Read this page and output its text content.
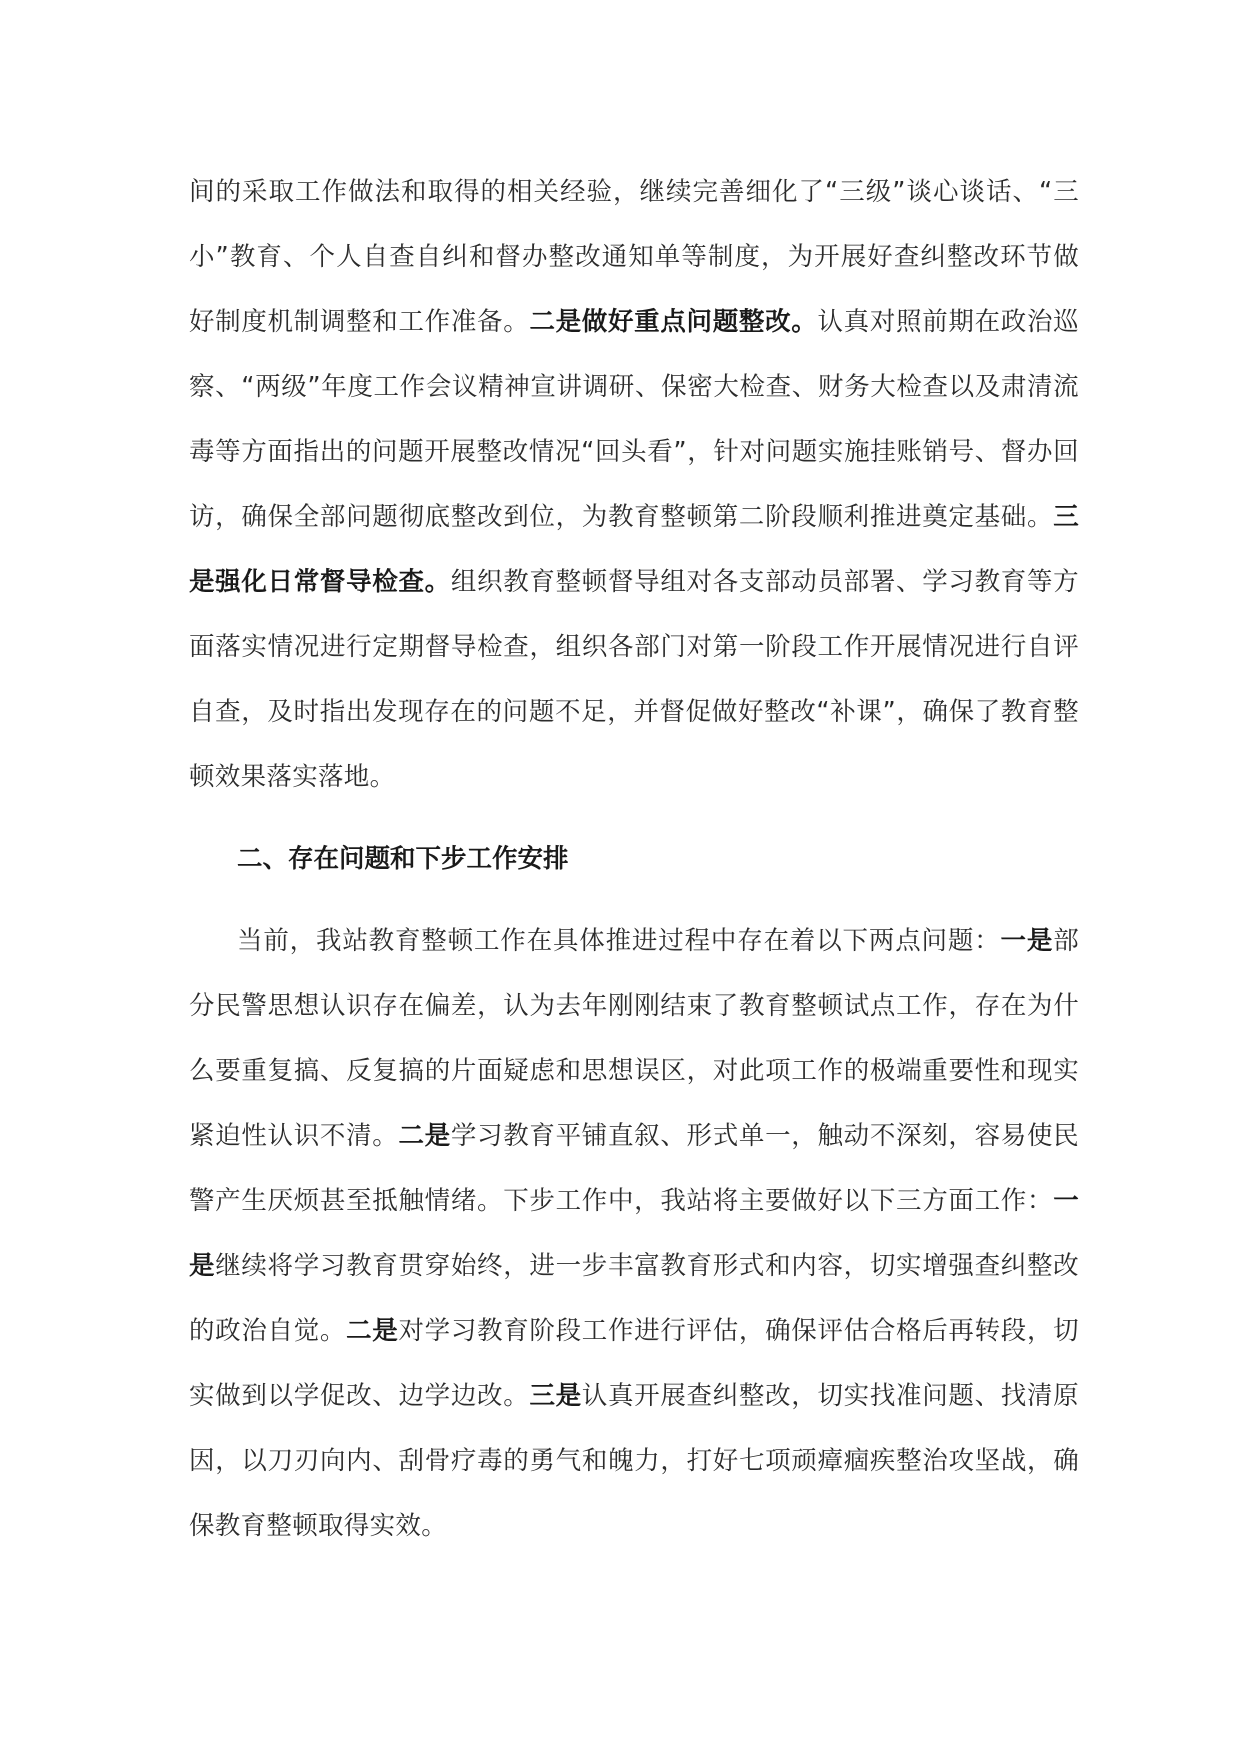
间的采取工作做法和取得的相关经验，继续完善细化了“三级”谈心谈话、“三小”教育、个人自查自纠和督办整改通知单等制度，为开展好查纠整改环节做好制度机制调整和工作准备。二是做好重点问题整改。认真对照前期在政治巡察、“两级”年度工作会议精神宣讲调研、保密大检查、财务大检查以及肃清流毒等方面指出的问题开展整改情况“回头看”，针对问题实施挂账销号、督办回访，确保全部问题彻底整改到位，为教育整顿第二阶段顺利推进奠定基础。三是强化日常督导检查。组织教育整顿督导组对各支部动员部署、学习教育等方面落实情况进行定期督导检查，组织各部门对第一阶段工作开展情况进行自评自查，及时指出发现存在的问题不足，并督促做好整改“补课”，确保了教育整顿效果落实落地。

二、存在问题和下步工作安排

当前，我站教育整顿工作在具体推进过程中存在着以下两点问题：一是部分民警思想认识存在偏差，认为去年刚刚结束了教育整顿试点工作，存在为什么要重复搞、反复搞的片面疑虑和思想误区，对此项工作的极端重要性和现实紧迫性认识不清。二是学习教育平铺直叙、形式单一，触动不深刻，容易使民警产生厌烦甚至抵触情绪。下步工作中，我站将主要做好以下三方面工作：一是继续将学习教育贯穿始终，进一步丰富教育形式和内容，切实增强查纠整改的政治自觉。二是对学习教育阶段工作进行评估，确保评估合格后再转段，切实做到以学促改、边学边改。三是认真开展查纠整改，切实找准问题、找清原因，以刀刃向内、刮骨疗毒的勇气和魄力，打好七项顽瘴痼疾整治攻坚战，确保教育整顿取得实效。
